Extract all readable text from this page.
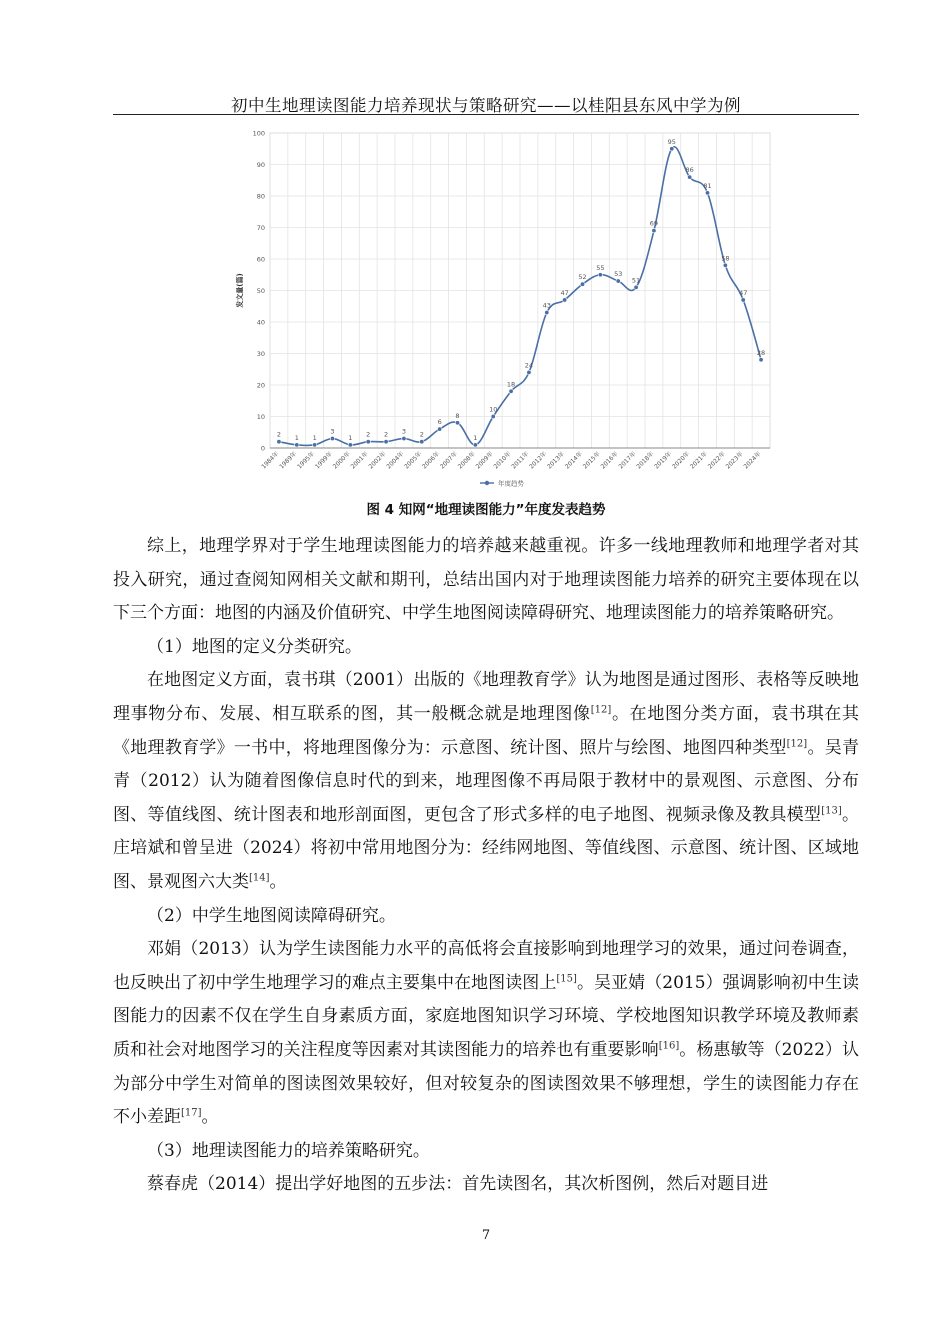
初中生地理读图能力培养现状与策略研究——以桂阳县东风中学为例
0
10
20
30
40
50
60
70
80
90
100
发文量(篇)
1984年
1989年
1995年
1999年
2000年
2001年
2002年
2004年
2005年
2006年
2007年
2008年
2009年
2010年
2011年
2012年
2013年
2014年
2015年
2016年
2017年
2018年
2019年
2020年
2021年
2022年
2023年
2024年
2 1 1
3
1 2 2 3 2
6
8
1
10
18
24
43
47
52
55
53
51
69
95
86
81
58
47
28
年度趋势
图 4 知网“地理读图能力”年度发表趋势

综上，地理学界对于学生地理读图能力的培养越来越重视。许多一线地理教师和地理学者对其投入研究，通过查阅知网相关文献和期刊，总结出国内对于地理读图能力培养的研究主要体现在以下三个方面：地图的内涵及价值研究、中学生地图阅读障碍研究、地理读图能力的培养策略研究。

（1）地图的定义分类研究。

在地图定义方面，袁书琪（2001）出版的《地理教育学》认为地图是通过图形、表格等反映地理事物分布、发展、相互联系的图，其一般概念就是地理图像[12]。在地图分类方面，袁书琪在其《地理教育学》一书中，将地理图像分为：示意图、统计图、照片与绘图、地图四种类型[12]。吴青青（2012）认为随着图像信息时代的到来，地理图像不再局限于教材中的景观图、示意图、分布图、等值线图、统计图表和地形剖面图，更包含了形式多样的电子地图、视频录像及教具模型[13]。庄培斌和曾呈进（2024）将初中常用地图分为：经纬网地图、等值线图、示意图、统计图、区域地图、景观图六大类[14]。

（2）中学生地图阅读障碍研究。

邓娟（2013）认为学生读图能力水平的高低将会直接影响到地理学习的效果，通过问卷调查，也反映出了初中学生地理学习的难点主要集中在地图读图上[15]。吴亚婧（2015）强调影响初中生读图能力的因素不仅在学生自身素质方面，家庭地图知识学习环境、学校地图知识教学环境及教师素质和社会对地图学习的关注程度等因素对其读图能力的培养也有重要影响[16]。杨惠敏等（2022）认为部分中学生对简单的图读图效果较好，但对较复杂的图读图效果不够理想，学生的读图能力存在不小差距[17]。

（3）地理读图能力的培养策略研究。

蔡春虎（2014）提出学好地图的五步法：首先读图名，其次析图例，然后对题目进

7
